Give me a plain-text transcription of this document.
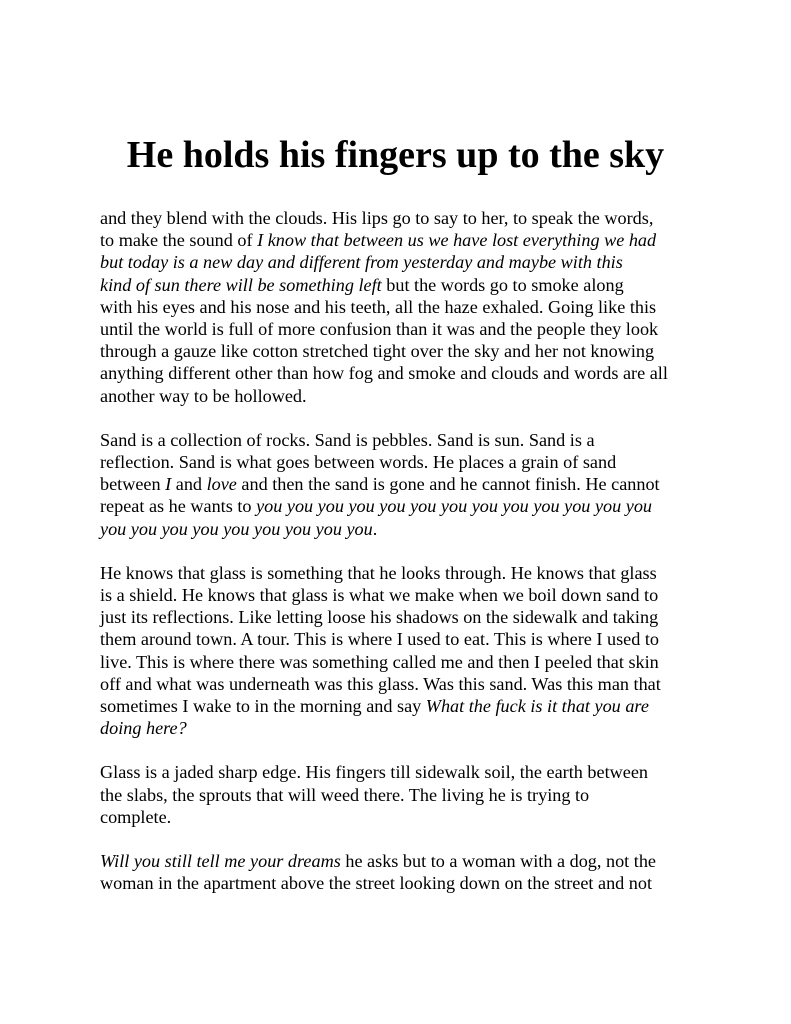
He holds his fingers up to the sky

and they blend with the clouds. His lips go to say to her, to speak the words,
to make the sound of I know that between us we have lost everything we had
but today is a new day and different from yesterday and maybe with this
kind of sun there will be something left but the words go to smoke along
with his eyes and his nose and his teeth, all the haze exhaled. Going like this
until the world is full of more confusion than it was and the people they look
through a gauze like cotton stretched tight over the sky and her not knowing
anything different other than how fog and smoke and clouds and words are all
another way to be hollowed.

Sand is a collection of rocks. Sand is pebbles. Sand is sun. Sand is a
reflection. Sand is what goes between words. He places a grain of sand
between I and love and then the sand is gone and he cannot finish. He cannot
repeat as he wants to you you you you you you you you you you you you you
you you you you you you you you you.

He knows that glass is something that he looks through. He knows that glass
is a shield. He knows that glass is what we make when we boil down sand to
just its reflections. Like letting loose his shadows on the sidewalk and taking
them around town. A tour. This is where I used to eat. This is where I used to
live. This is where there was something called me and then I peeled that skin
off and what was underneath was this glass. Was this sand. Was this man that
sometimes I wake to in the morning and say What the fuck is it that you are
doing here?

Glass is a jaded sharp edge. His fingers till sidewalk soil, the earth between
the slabs, the sprouts that will weed there. The living he is trying to
complete.

Will you still tell me your dreams he asks but to a woman with a dog, not the
woman in the apartment above the street looking down on the street and not
